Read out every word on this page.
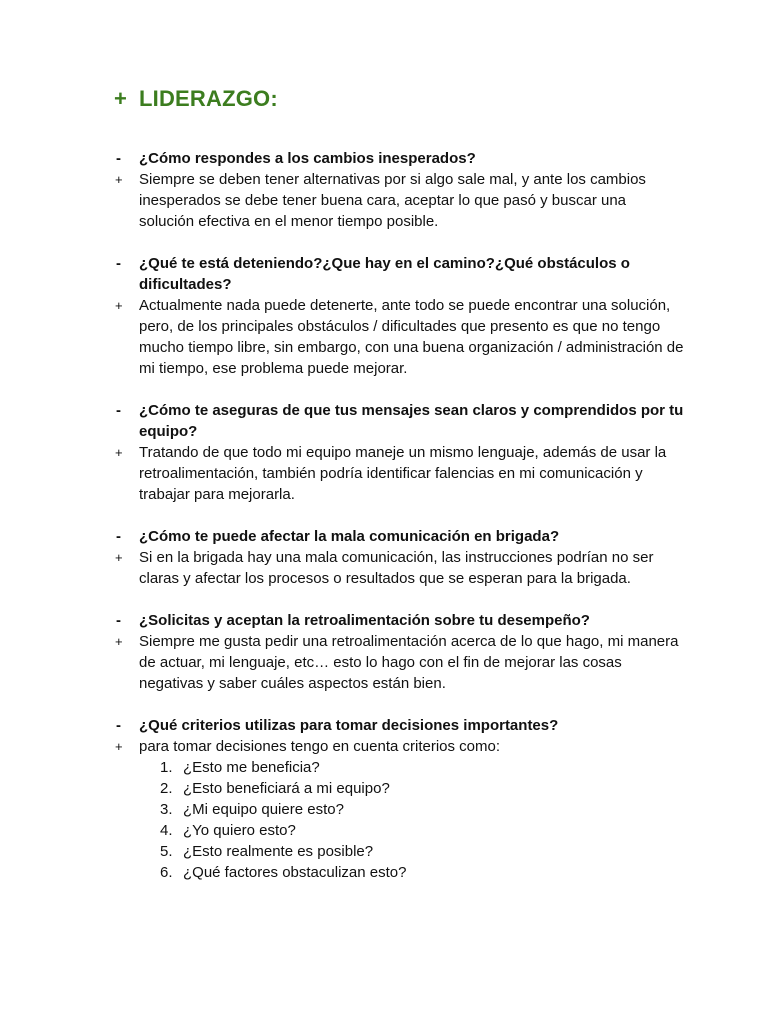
+ LIDERAZGO:
-	¿Cómo respondes a los cambios inesperados?
+	Siempre se deben tener alternativas por si algo sale mal, y ante los cambios inesperados se debe tener buena cara, aceptar lo que pasó y buscar una solución efectiva en el menor tiempo posible.
-	¿Qué te está deteniendo?¿Que hay en el camino?¿Qué obstáculos o dificultades?
+	Actualmente nada puede detenerte, ante todo se puede encontrar una solución, pero, de los principales obstáculos / dificultades que presento es que no tengo mucho tiempo libre, sin embargo, con una buena organización / administración de mi tiempo, ese problema puede mejorar.
-	¿Cómo te aseguras de que tus mensajes sean claros y comprendidos por tu equipo?
+	Tratando de que todo mi equipo maneje un mismo lenguaje, además de usar la retroalimentación, también podría identificar falencias en mi comunicación y trabajar para mejorarla.
-	¿Cómo te puede afectar la mala comunicación en brigada?
+	Si en la brigada hay una mala comunicación, las instrucciones podrían no ser claras y afectar los procesos o resultados que se esperan para la brigada.
-	¿Solicitas y aceptan la retroalimentación sobre tu desempeño?
+	Siempre me gusta pedir una retroalimentación acerca de lo que hago, mi manera de actuar, mi lenguaje, etc… esto lo hago con el fin de mejorar las cosas negativas y saber cuáles aspectos están bien.
-	¿Qué criterios utilizas para tomar decisiones importantes?
+	para tomar decisiones tengo en cuenta criterios como:
1. ¿Esto me beneficia?
2. ¿Esto beneficiará a mi equipo?
3. ¿Mi equipo quiere esto?
4. ¿Yo quiero esto?
5. ¿Esto realmente es posible?
6. ¿Qué factores obstaculizan esto?
